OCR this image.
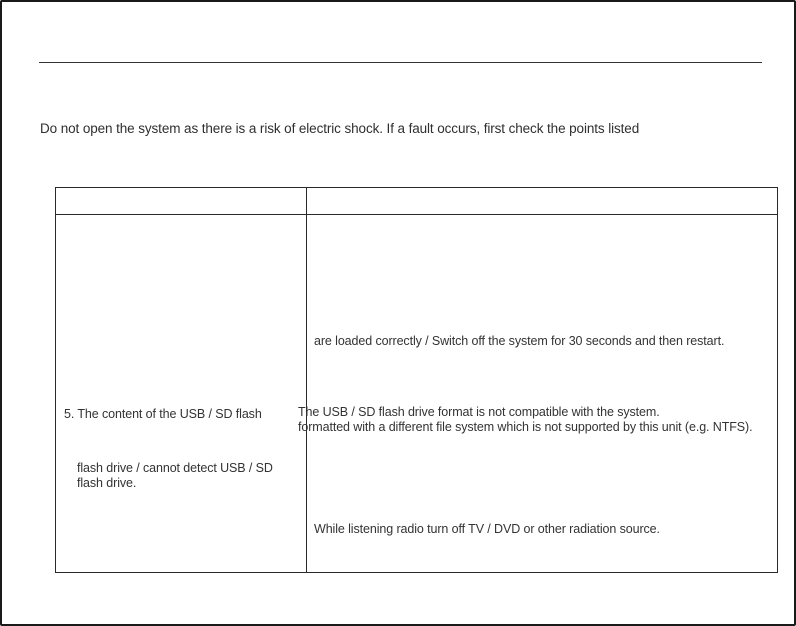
Do not open the system as there is a risk of electric shock. If a fault occurs, first check the points listed
are loaded correctly / Switch off the system for 30 seconds and then restart.
5. The content of the USB / SD flash	The USB / SD flash drive format is not compatible with the system.
formatted with a different file system which is not supported by this unit (e.g. NTFS).
flash drive / cannot detect USB / SD
flash drive.
While listening radio turn off TV / DVD or other radiation source.
